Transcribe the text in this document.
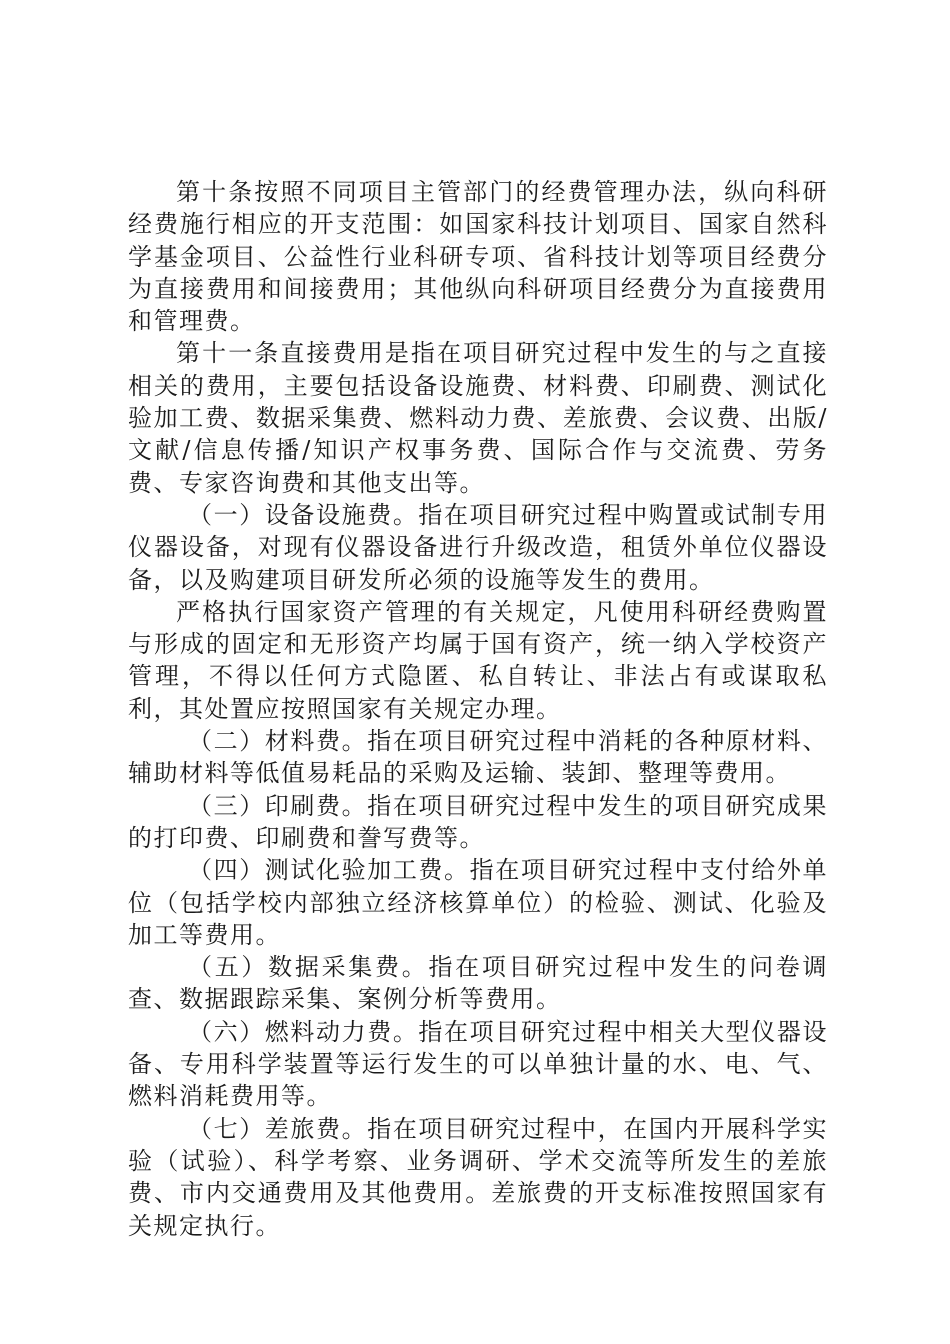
第十条按照不同项目主管部门的经费管理办法，纵向科研经费施行相应的开支范围：如国家科技计划项目、国家自然科学基金项目、公益性行业科研专项、省科技计划等项目经费分为直接费用和间接费用；其他纵向科研项目经费分为直接费用和管理费。

第十一条直接费用是指在项目研究过程中发生的与之直接相关的费用，主要包括设备设施费、材料费、印刷费、测试化验加工费、数据采集费、燃料动力费、差旅费、会议费、出版/文献/信息传播/知识产权事务费、国际合作与交流费、劳务费、专家咨询费和其他支出等。

（一）设备设施费。指在项目研究过程中购置或试制专用仪器设备，对现有仪器设备进行升级改造，租赁外单位仪器设备，以及购建项目研发所必须的设施等发生的费用。

严格执行国家资产管理的有关规定，凡使用科研经费购置与形成的固定和无形资产均属于国有资产，统一纳入学校资产管理，不得以任何方式隐匿、私自转让、非法占有或谋取私利，其处置应按照国家有关规定办理。

（二）材料费。指在项目研究过程中消耗的各种原材料、辅助材料等低值易耗品的采购及运输、装卸、整理等费用。

（三）印刷费。指在项目研究过程中发生的项目研究成果的打印费、印刷费和誊写费等。

（四）测试化验加工费。指在项目研究过程中支付给外单位（包括学校内部独立经济核算单位）的检验、测试、化验及加工等费用。

（五）数据采集费。指在项目研究过程中发生的问卷调查、数据跟踪采集、案例分析等费用。

（六）燃料动力费。指在项目研究过程中相关大型仪器设备、专用科学装置等运行发生的可以单独计量的水、电、气、燃料消耗费用等。

（七）差旅费。指在项目研究过程中，在国内开展科学实验（试验）、科学考察、业务调研、学术交流等所发生的差旅费、市内交通费用及其他费用。差旅费的开支标准按照国家有关规定执行。
